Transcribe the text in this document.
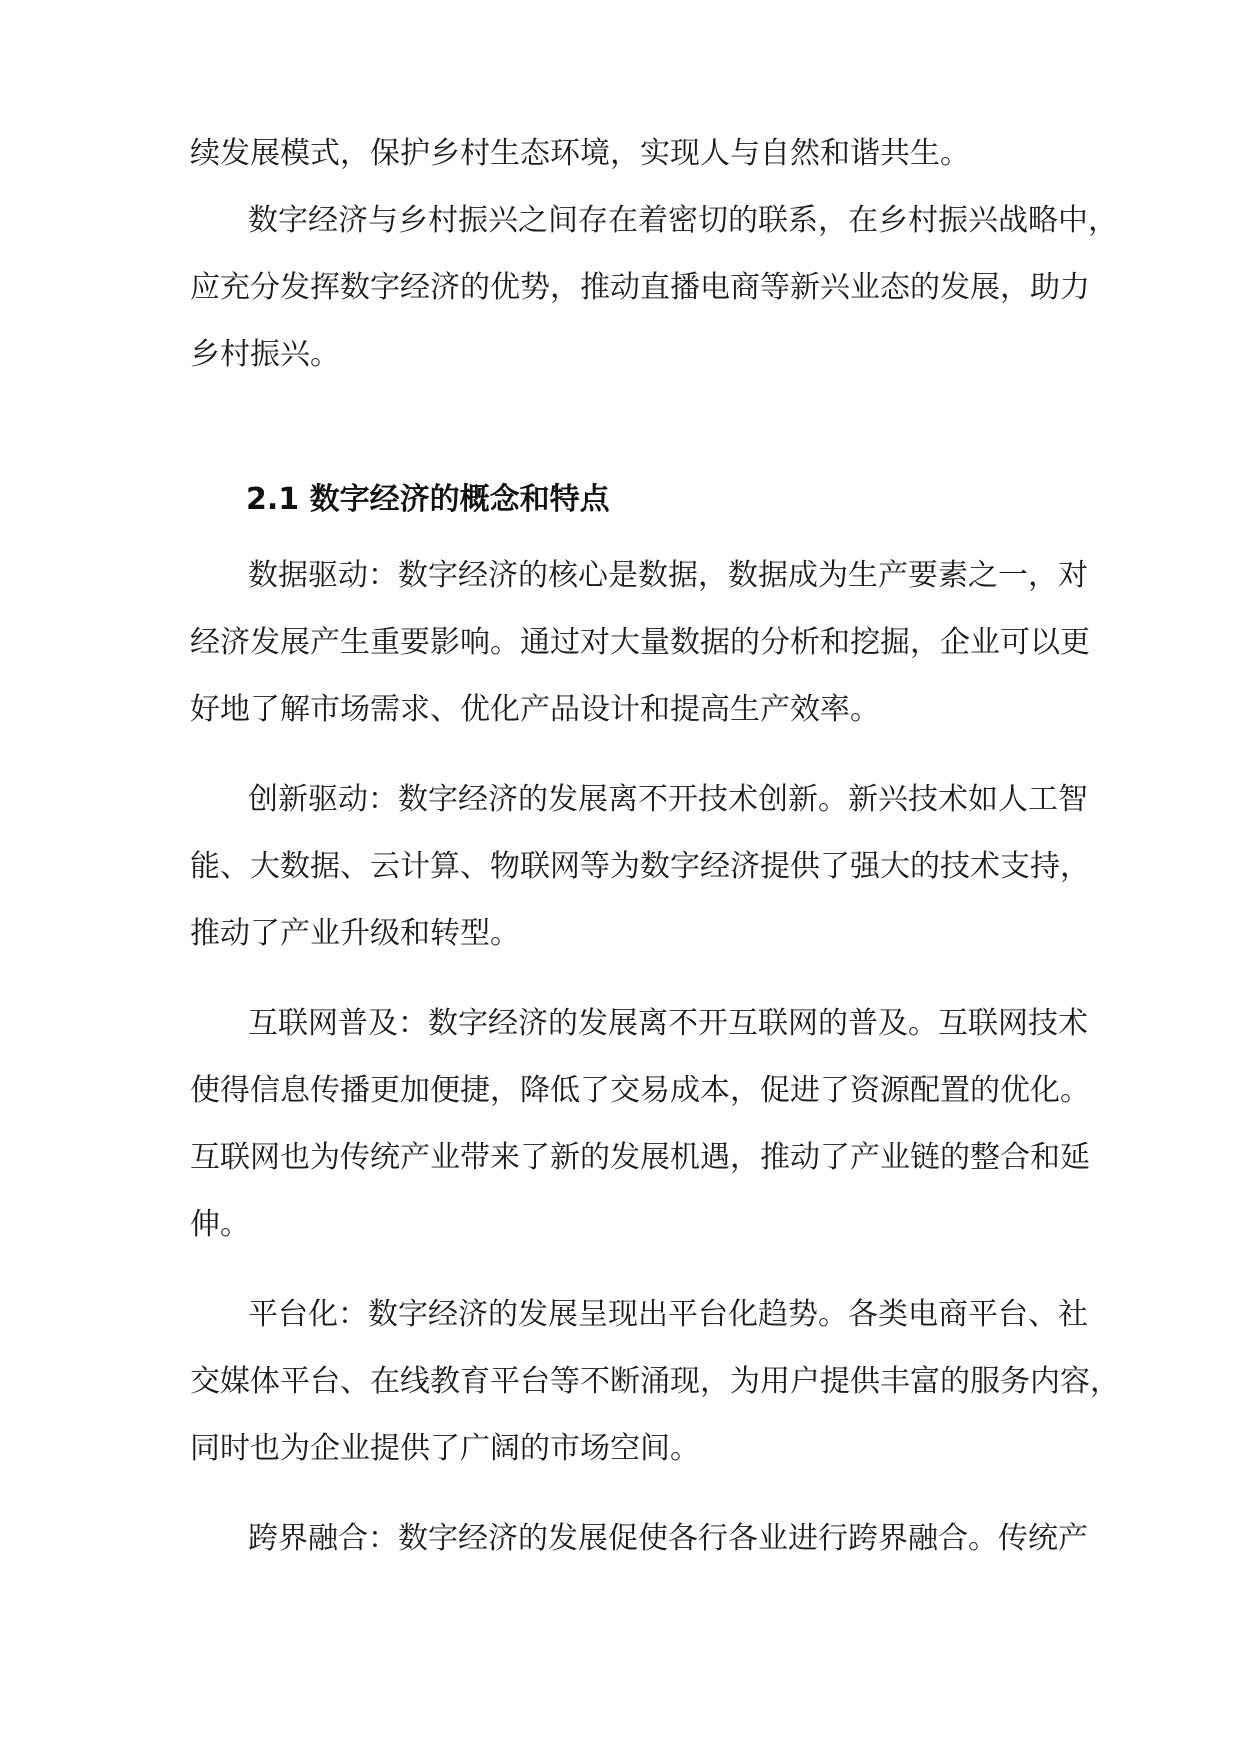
续发展模式，保护乡村生态环境，实现人与自然和谐共生。

数字经济与乡村振兴之间存在着密切的联系，在乡村振兴战略中，

应充分发挥数字经济的优势，推动直播电商等新兴业态的发展，助力

乡村振兴。

2.1 数字经济的概念和特点

数据驱动：数字经济的核心是数据，数据成为生产要素之一，对

经济发展产生重要影响。通过对大量数据的分析和挖掘，企业可以更

好地了解市场需求、优化产品设计和提高生产效率。

创新驱动：数字经济的发展离不开技术创新。新兴技术如人工智

能、大数据、云计算、物联网等为数字经济提供了强大的技术支持，

推动了产业升级和转型。

互联网普及：数字经济的发展离不开互联网的普及。互联网技术

使得信息传播更加便捷，降低了交易成本，促进了资源配置的优化。

互联网也为传统产业带来了新的发展机遇，推动了产业链的整合和延

伸。

平台化：数字经济的发展呈现出平台化趋势。各类电商平台、社

交媒体平台、在线教育平台等不断涌现，为用户提供丰富的服务内容，

同时也为企业提供了广阔的市场空间。

跨界融合：数字经济的发展促使各行各业进行跨界融合。传统产
